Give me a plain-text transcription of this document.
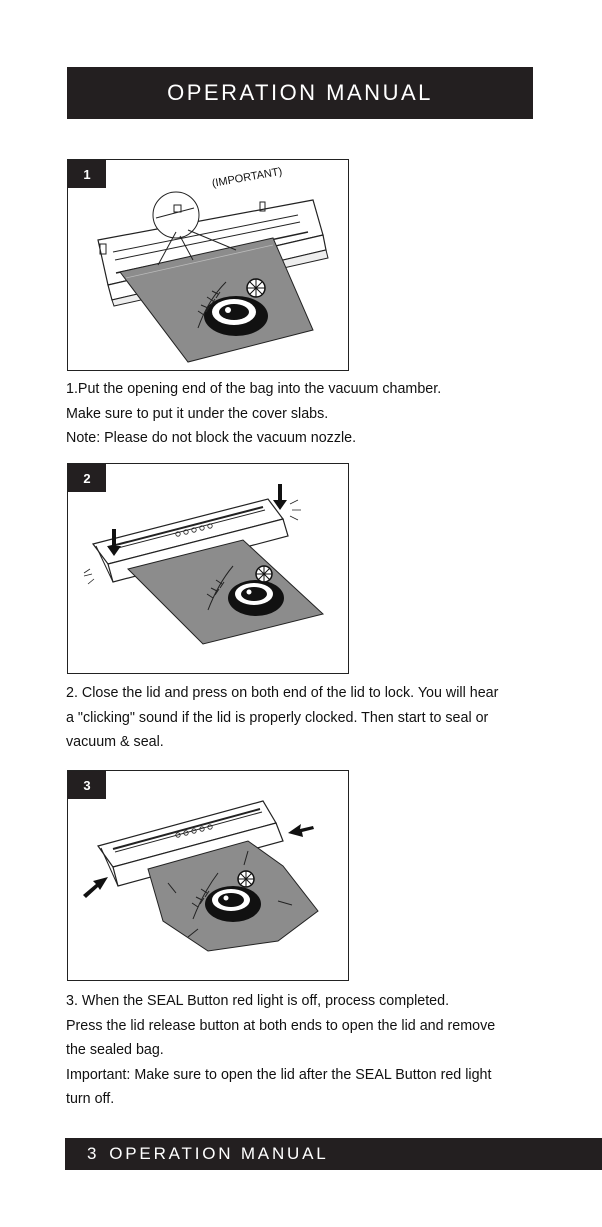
OPERATION MANUAL
1	(IMPORTANT)

1.Put the opening end of the bag into the vacuum chamber.

Make sure to put it under the cover slabs.

Note: Please do not block the vacuum nozzle.

2

2. Close the lid and press on both end of the lid to lock. You will hear

a "clicking" sound if the lid is properly clocked. Then start to seal or

vacuum & seal.

3

3. When the SEAL Button red light is off, process completed.

Press the lid release button at both ends to open the lid and remove

the sealed bag.

Important: Make sure to open the lid after the SEAL Button red light

turn off.

3 OPERATION MANUAL
